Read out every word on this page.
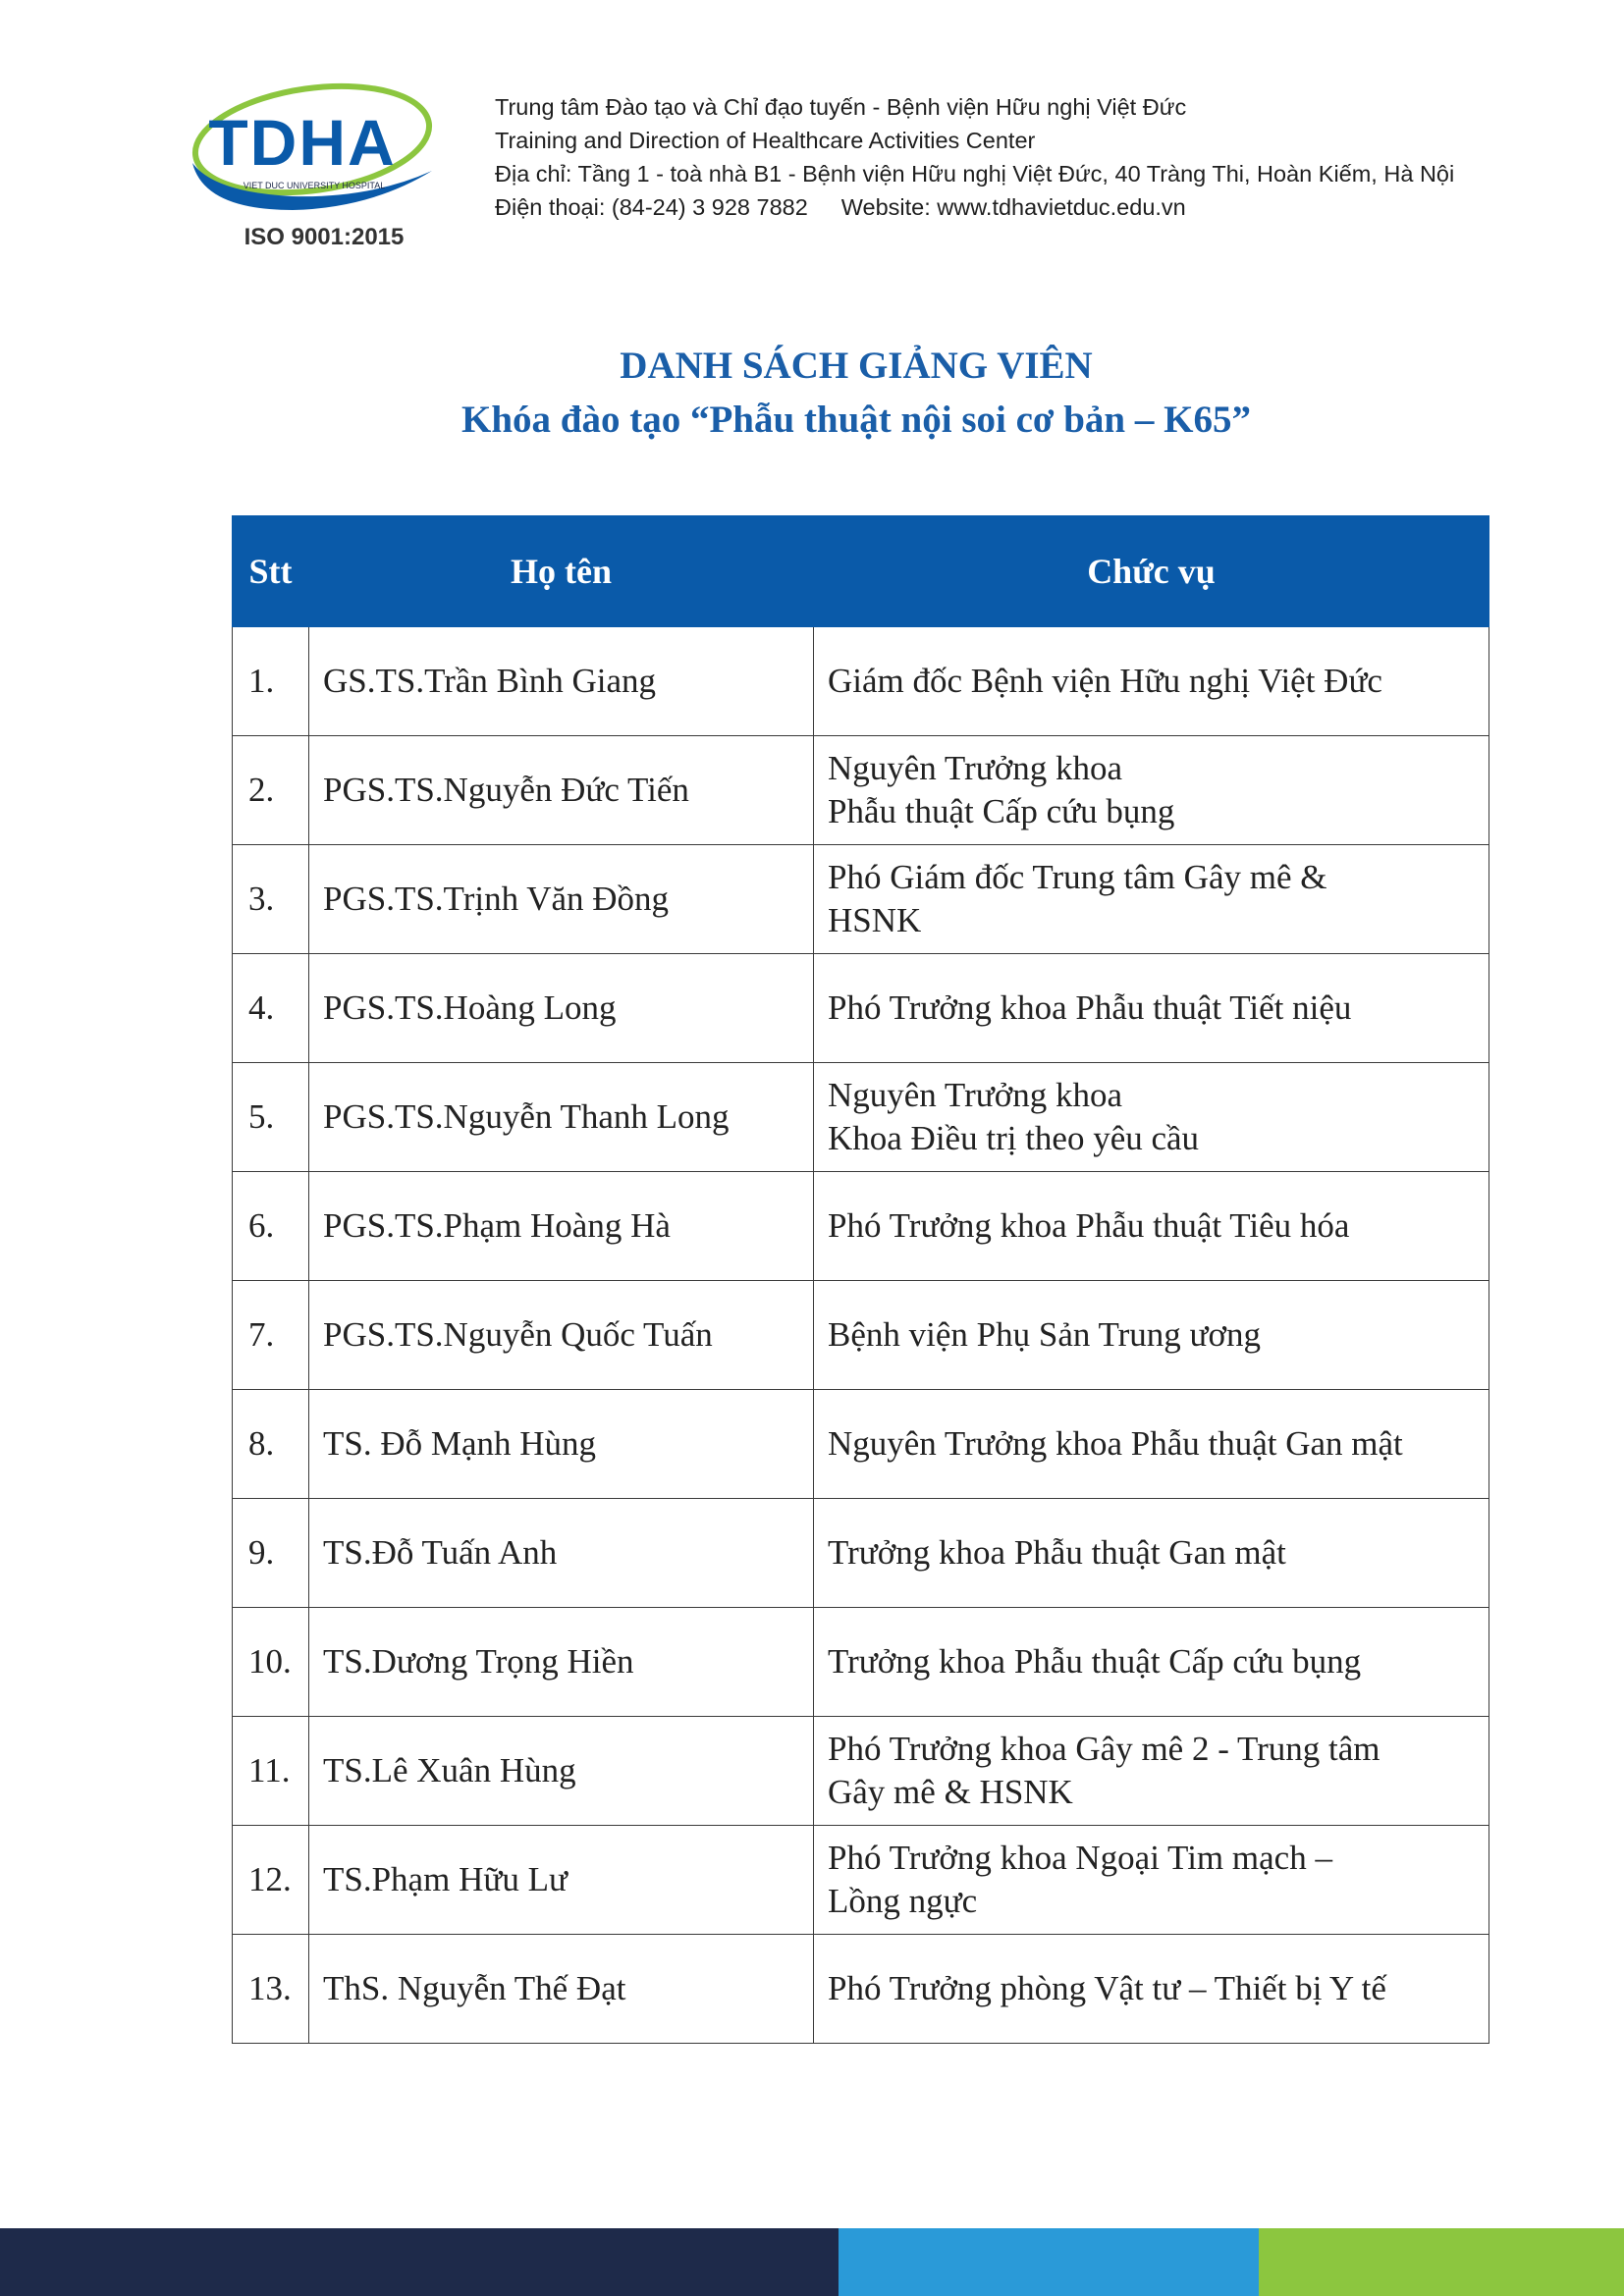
TDHA
VIET DUC UNIVERSITY HOSPITAL
ISO 9001:2015
Trung tâm Đào tạo và Chỉ đạo tuyến - Bệnh viện Hữu nghị Việt Đức
Training and Direction of Healthcare Activities Center
Địa chỉ: Tầng 1 - toà nhà B1 - Bệnh viện Hữu nghị Việt Đức, 40 Tràng Thi, Hoàn Kiếm, Hà Nội
Điện thoại: (84-24) 3 928 7882 Website: www.tdhavietduc.edu.vn
DANH SÁCH GIẢNG VIÊN
Khóa đào tạo “Phẫu thuật nội soi cơ bản – K65”
Stt	Họ tên	Chức vụ
1.	GS.TS.Trần Bình Giang	Giám đốc Bệnh viện Hữu nghị Việt Đức

2.	PGS.TS.Nguyễn Đức Tiến	Nguyên Trưởng khoa
Phẫu thuật Cấp cứu bụng

3.	PGS.TS.Trịnh Văn Đồng	Phó Giám đốc Trung tâm Gây mê &
HSNK

4.	PGS.TS.Hoàng Long	Phó Trưởng khoa Phẫu thuật Tiết niệu

5.	PGS.TS.Nguyễn Thanh Long	Nguyên Trưởng khoa
Khoa Điều trị theo yêu cầu

6.	PGS.TS.Phạm Hoàng Hà	Phó Trưởng khoa Phẫu thuật Tiêu hóa

7.	PGS.TS.Nguyễn Quốc Tuấn	Bệnh viện Phụ Sản Trung ương

8.	TS. Đỗ Mạnh Hùng	Nguyên Trưởng khoa Phẫu thuật Gan mật

9.	TS.Đỗ Tuấn Anh	Trưởng khoa Phẫu thuật Gan mật

10.	TS.Dương Trọng Hiền	Trưởng khoa Phẫu thuật Cấp cứu bụng

11.	TS.Lê Xuân Hùng	Phó Trưởng khoa Gây mê 2 - Trung tâm
Gây mê & HSNK

12.	TS.Phạm Hữu Lư	Phó Trưởng khoa Ngoại Tim mạch –
Lồng ngực

13.	ThS. Nguyễn Thế Đạt	Phó Trưởng phòng Vật tư – Thiết bị Y tế
